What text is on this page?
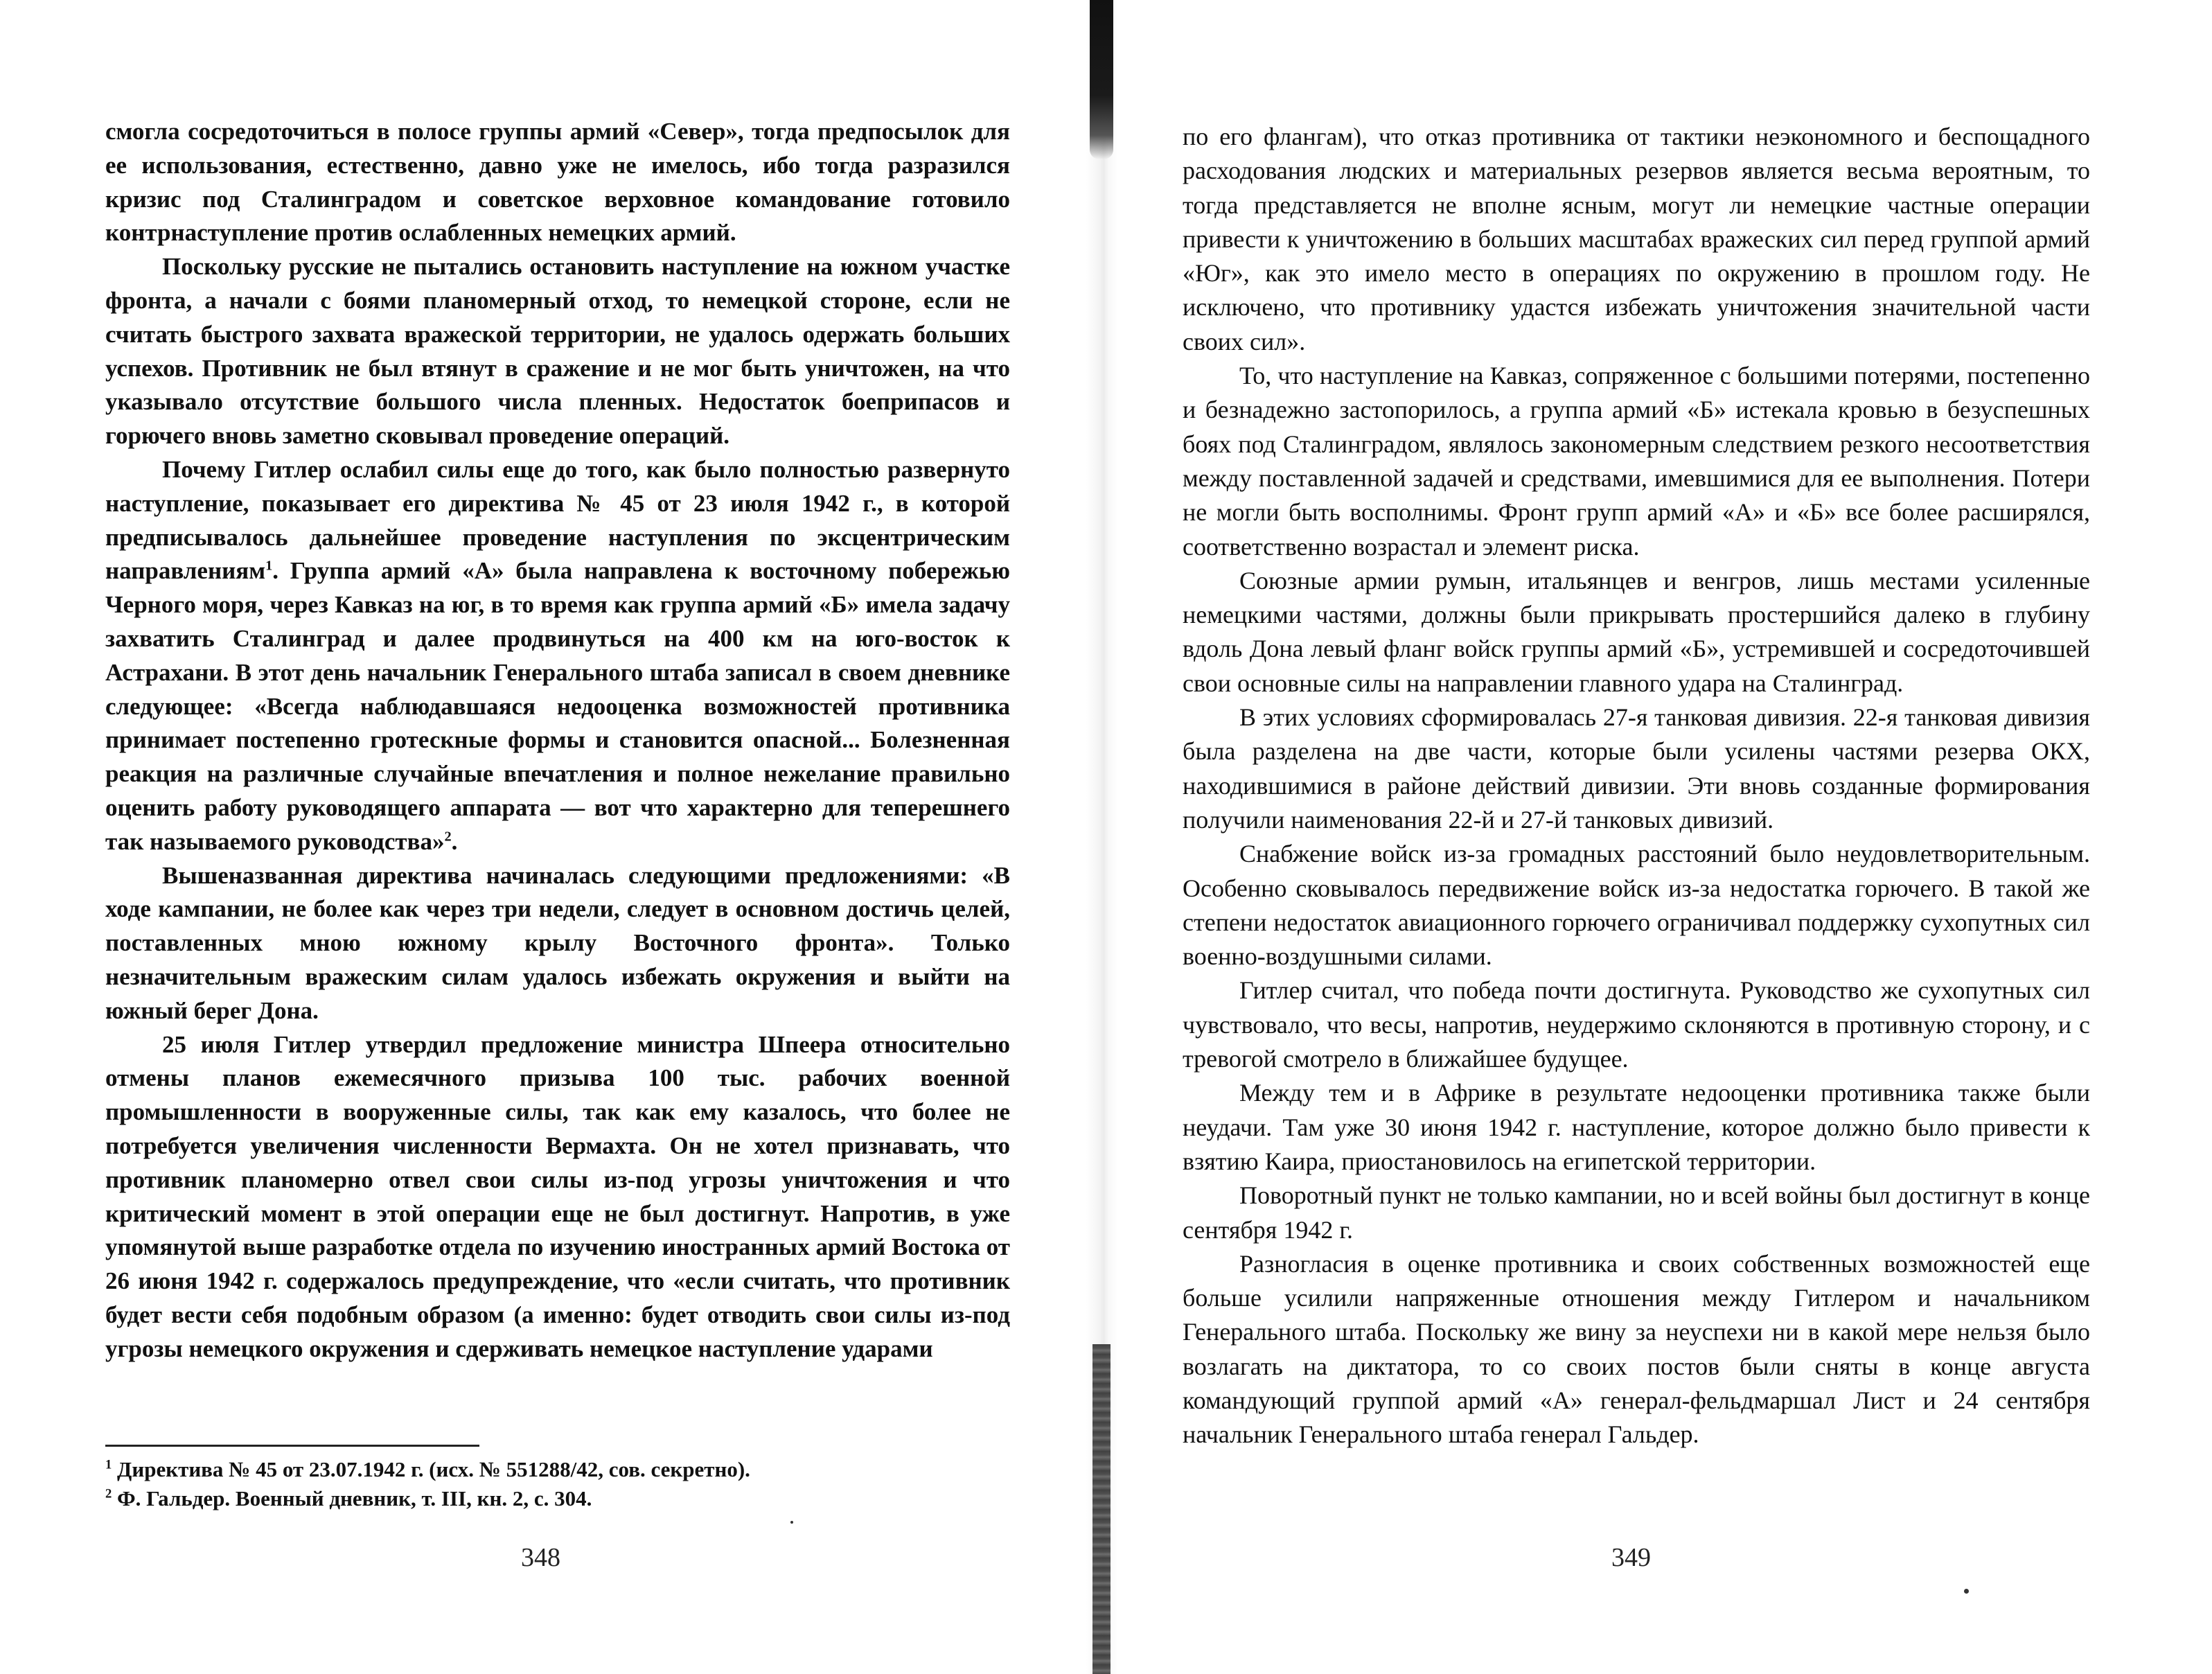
смогла сосредоточиться в полосе группы армий «Север», тогда предпосылок для ее использования, естественно, давно уже не имелось, ибо тогда разразился кризис под Сталинградом и советское верховное командование готовило контрнаступление против ослабленных немецких армий.

Поскольку русские не пытались остановить наступление на южном участке фронта, а начали с боями планомерный отход, то немецкой стороне, если не считать быстрого захвата вражеской территории, не удалось одержать больших успехов. Противник не был втянут в сражение и не мог быть уничтожен, на что указывало отсутствие большого числа пленных. Недостаток боеприпасов и горючего вновь заметно сковывал проведение операций.

Почему Гитлер ослабил силы еще до того, как было полностью развернуто наступление, показывает его директива № 45 от 23 июля 1942 г., в которой предписывалось дальнейшее проведение наступления по эксцентрическим направлениям$^1$. Группа армий «А» была направлена к восточному побережью Черного моря, через Кавказ на юг, в то время как группа армий «Б» имела задачу захватить Сталинград и далее продвинуться на 400 км на юго-восток к Астрахани. В этот день начальник Генерального штаба записал в своем дневнике следующее: «Всегда наблюдавшаяся недооценка возможностей противника принимает постепенно гротескные формы и становится опасной... Болезненная реакция на различные случайные впечатления и полное нежелание правильно оценить работу руководящего аппарата — вот что характерно для теперешнего так называемого руководства»$^2$.

Вышеназванная директива начиналась следующими предложениями: «В ходе кампании, не более как через три недели, следует в основном достичь целей, поставленных мною южному крылу Восточного фронта». Только незначительным вражеским силам удалось избежать окружения и выйти на южный берег Дона.

25 июля Гитлер утвердил предложение министра Шпеера относительно отмены планов ежемесячного призыва 100 тыс. рабочих военной промышленности в вооруженные силы, так как ему казалось, что более не потребуется увеличения численности Вермахта. Он не хотел признавать, что противник планомерно отвел свои силы из-под угрозы уничтожения и что критический момент в этой операции еще не был достигнут. Напротив, в уже упомянутой выше разработке отдела по изучению иностранных армий Востока от 26 июня 1942 г. содержалось предупреждение, что «если считать, что противник будет вести себя подобным образом (а именно: будет отводить свои силы из-под угрозы немецкого окружения и сдерживать немецкое наступление ударами

$^1$ Директива № 45 от 23.07.1942 г. (исх. № 551288/42, сов. секретно).

$^2$ Ф. Гальдер. Военный дневник, т. III, кн. 2, с. 304.

348

по его флангам), что отказ противника от тактики неэкономного и беспощадного расходования людских и материальных резервов является весьма вероятным, то тогда представляется не вполне ясным, могут ли немецкие частные операции привести к уничтожению в больших масштабах вражеских сил перед группой армий «Юг», как это имело место в операциях по окружению в прошлом году. Не исключено, что противнику удастся избежать уничтожения значительной части своих сил».

То, что наступление на Кавказ, сопряженное с большими потерями, постепенно и безнадежно застопорилось, а группа армий «Б» истекала кровью в безуспешных боях под Сталинградом, являлось закономерным следствием резкого несоответствия между поставленной задачей и средствами, имевшимися для ее выполнения. Потери не могли быть восполнимы. Фронт групп армий «А» и «Б» все более расширялся, соответственно возрастал и элемент риска.

Союзные армии румын, итальянцев и венгров, лишь местами усиленные немецкими частями, должны были прикрывать простершийся далеко в глубину вдоль Дона левый фланг войск группы армий «Б», устремившей и сосредоточившей свои основные силы на направлении главного удара на Сталинград.

В этих условиях сформировалась 27-я танковая дивизия. 22-я танковая дивизия была разделена на две части, которые были усилены частями резерва ОКХ, находившимися в районе действий дивизии. Эти вновь созданные формирования получили наименования 22-й и 27-й танковых дивизий.

Снабжение войск из-за громадных расстояний было неудовлетворительным. Особенно сковывалось передвижение войск из-за недостатка горючего. В такой же степени недостаток авиационного горючего ограничивал поддержку сухопутных сил военно-воздушными силами.

Гитлер считал, что победа почти достигнута. Руководство же сухопутных сил чувствовало, что весы, напротив, неудержимо склоняются в противную сторону, и с тревогой смотрело в ближайшее будущее.

Между тем и в Африке в результате недооценки противника также были неудачи. Там уже 30 июня 1942 г. наступление, которое должно было привести к взятию Каира, приостановилось на египетской территории.

Поворотный пункт не только кампании, но и всей войны был достигнут в конце сентября 1942 г.

Разногласия в оценке противника и своих собственных возможностей еще больше усилили напряженные отношения между Гитлером и начальником Генерального штаба. Поскольку же вину за неуспехи ни в какой мере нельзя было возлагать на диктатора, то со своих постов были сняты в конце августа командующий группой армий «А» генерал-фельдмаршал Лист и 24 сентября начальник Генерального штаба генерал Гальдер.

349
